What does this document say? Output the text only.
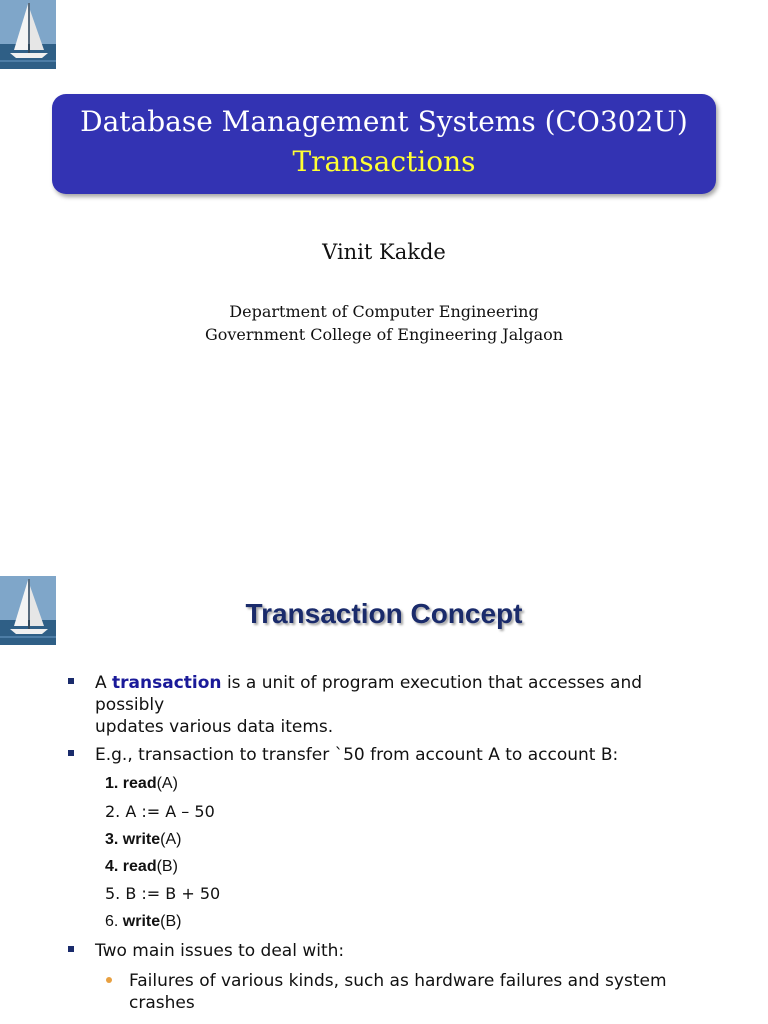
Database Management Systems (CO302U)
Transactions
Vinit Kakde
Department of Computer Engineering
Government College of Engineering Jalgaon
Transaction Concept
A transaction is a unit of program execution that accesses and possibly
updates various data items.
E.g., transaction to transfer `50 from account A to account B:
1. read(A)
2. A := A – 50
3. write(A)
4. read(B)
5. B := B + 50
6. write(B)
Two main issues to deal with:
Failures of various kinds, such as hardware failures and system
crashes
